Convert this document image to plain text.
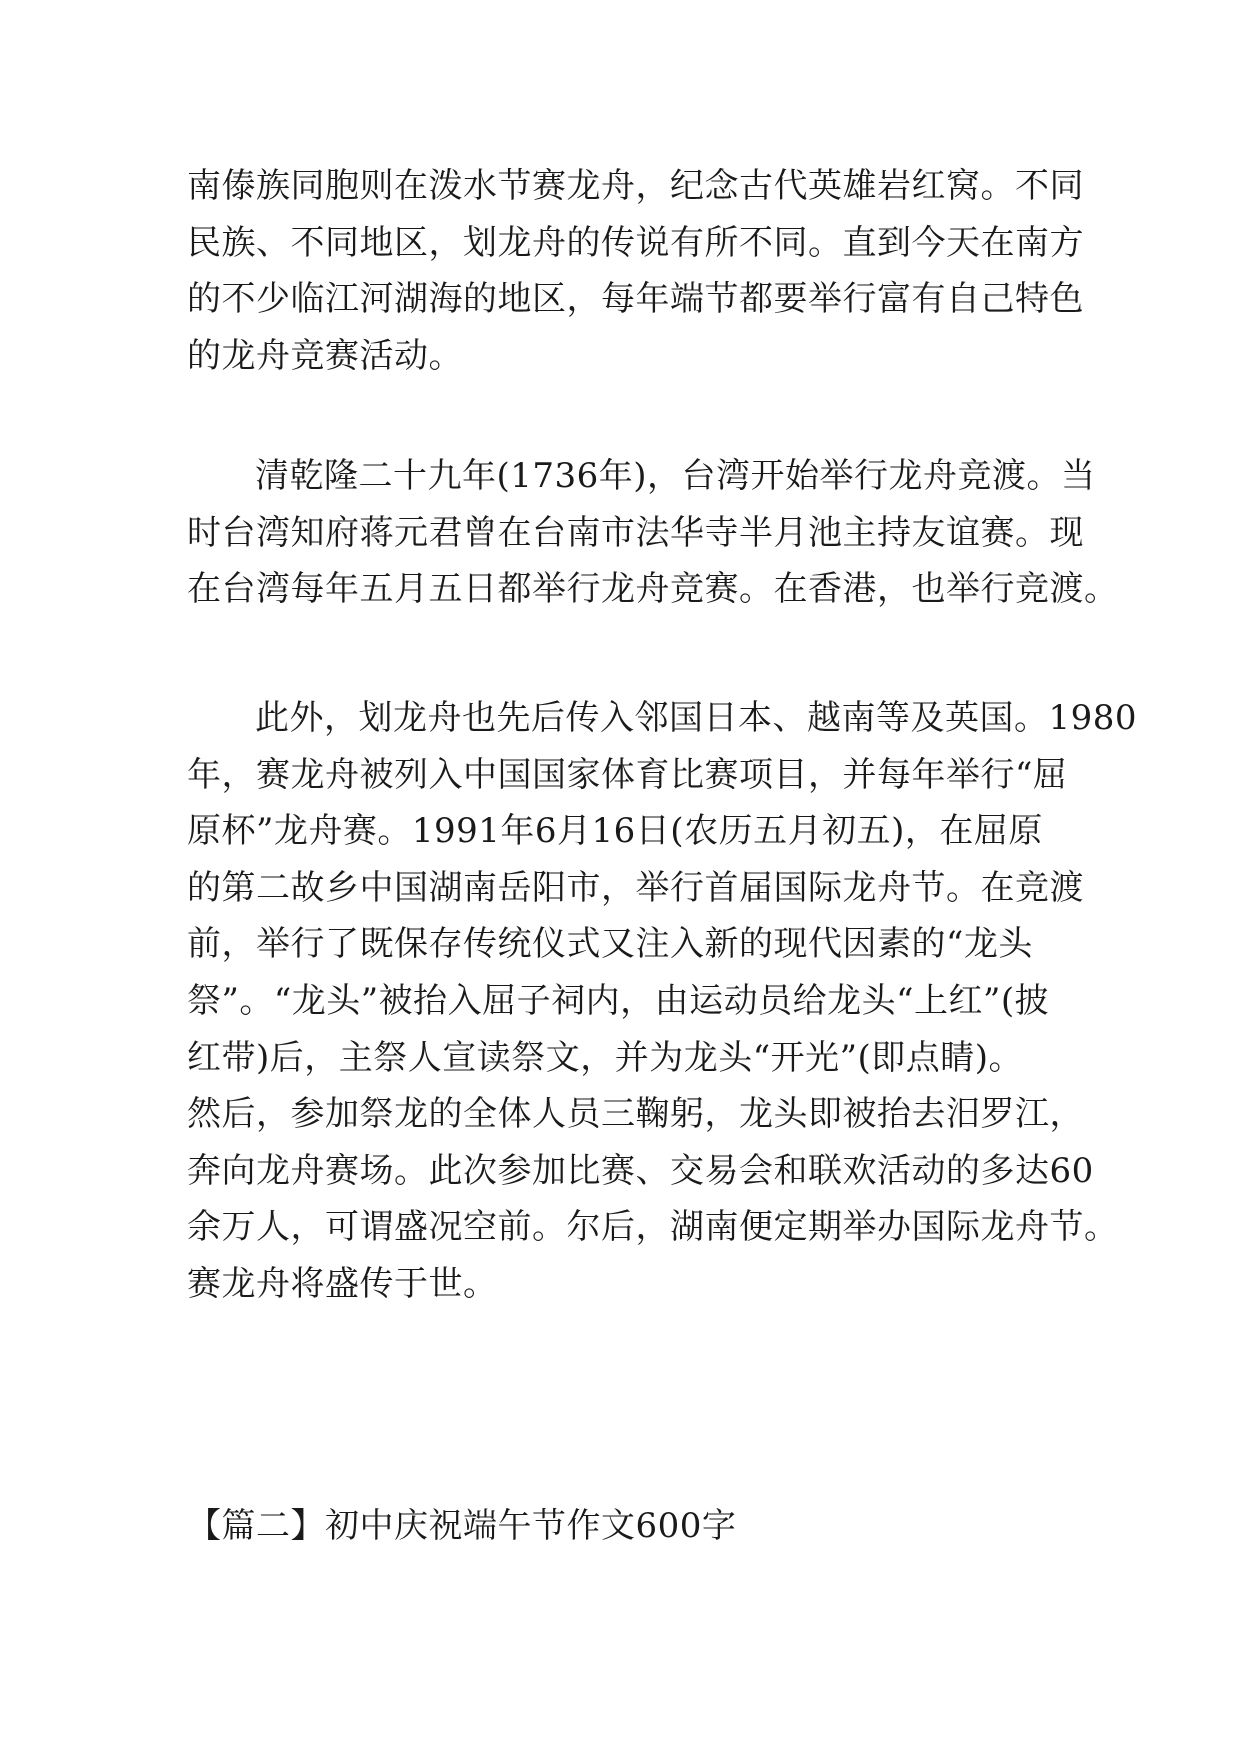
南傣族同胞则在泼水节赛龙舟，纪念古代英雄岩红窝。不同
民族、不同地区，划龙舟的传说有所不同。直到今天在南方
的不少临江河湖海的地区，每年端节都要举行富有自己特色
的龙舟竞赛活动。

清乾隆二十九年(1736年)，台湾开始举行龙舟竞渡。当
时台湾知府蒋元君曾在台南市法华寺半月池主持友谊赛。现
在台湾每年五月五日都举行龙舟竞赛。在香港，也举行竞渡。

此外，划龙舟也先后传入邻国日本、越南等及英国。1980
年，赛龙舟被列入中国国家体育比赛项目，并每年举行“屈
原杯”龙舟赛。1991年6月16日(农历五月初五)，在屈原
的第二故乡中国湖南岳阳市，举行首届国际龙舟节。在竞渡
前，举行了既保存传统仪式又注入新的现代因素的“龙头
祭”。“龙头”被抬入屈子祠内，由运动员给龙头“上红”(披
红带)后，主祭人宣读祭文，并为龙头“开光”(即点睛)。
然后，参加祭龙的全体人员三鞠躬，龙头即被抬去汨罗江，
奔向龙舟赛场。此次参加比赛、交易会和联欢活动的多达60
余万人，可谓盛况空前。尔后，湖南便定期举办国际龙舟节。
赛龙舟将盛传于世。

【篇二】初中庆祝端午节作文600字
